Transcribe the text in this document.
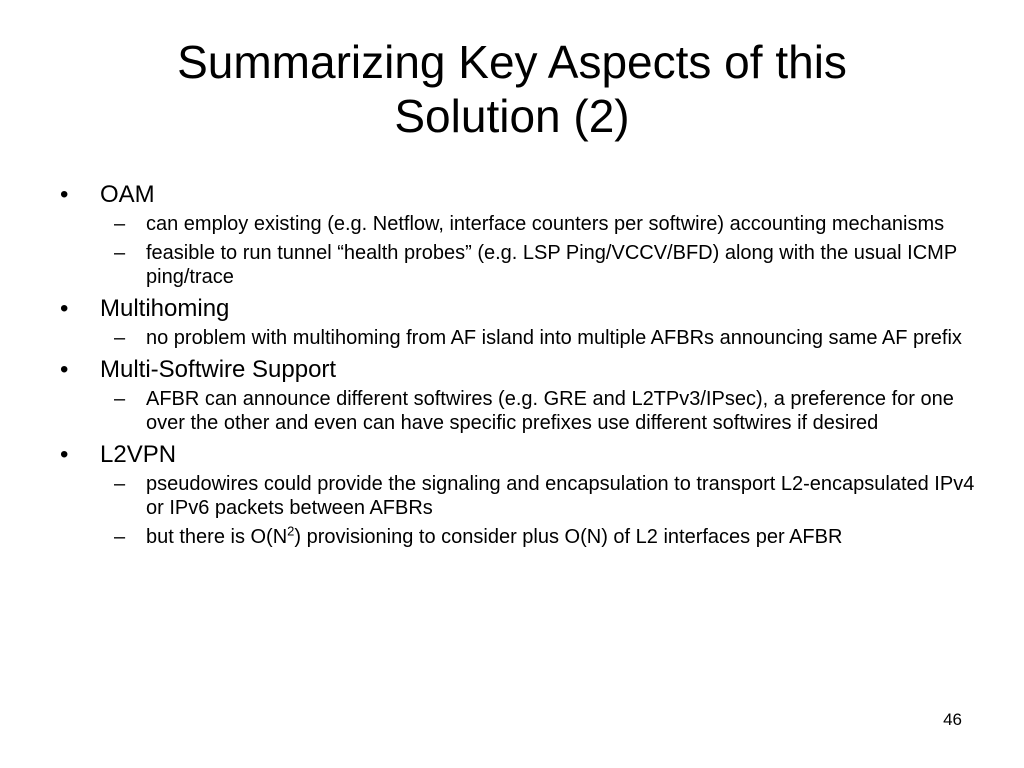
Summarizing Key Aspects of this
Solution (2)
• OAM
– can employ existing (e.g. Netflow, interface counters per softwire) accounting mechanisms
– feasible to run tunnel “health probes” (e.g. LSP Ping/VCCV/BFD) along with the usual ICMP ping/trace
• Multihoming
– no problem with multihoming from AF island into multiple AFBRs announcing same AF prefix
• Multi-Softwire Support
– AFBR can announce different softwires (e.g. GRE and L2TPv3/IPsec), a preference for one over the other and even can have specific prefixes use different softwires if desired
• L2VPN
– pseudowires could provide the signaling and encapsulation to transport L2-encapsulated IPv4 or IPv6 packets between AFBRs
– but there is $O(N^2)$ provisioning to consider plus O(N) of L2 interfaces per AFBR
46
